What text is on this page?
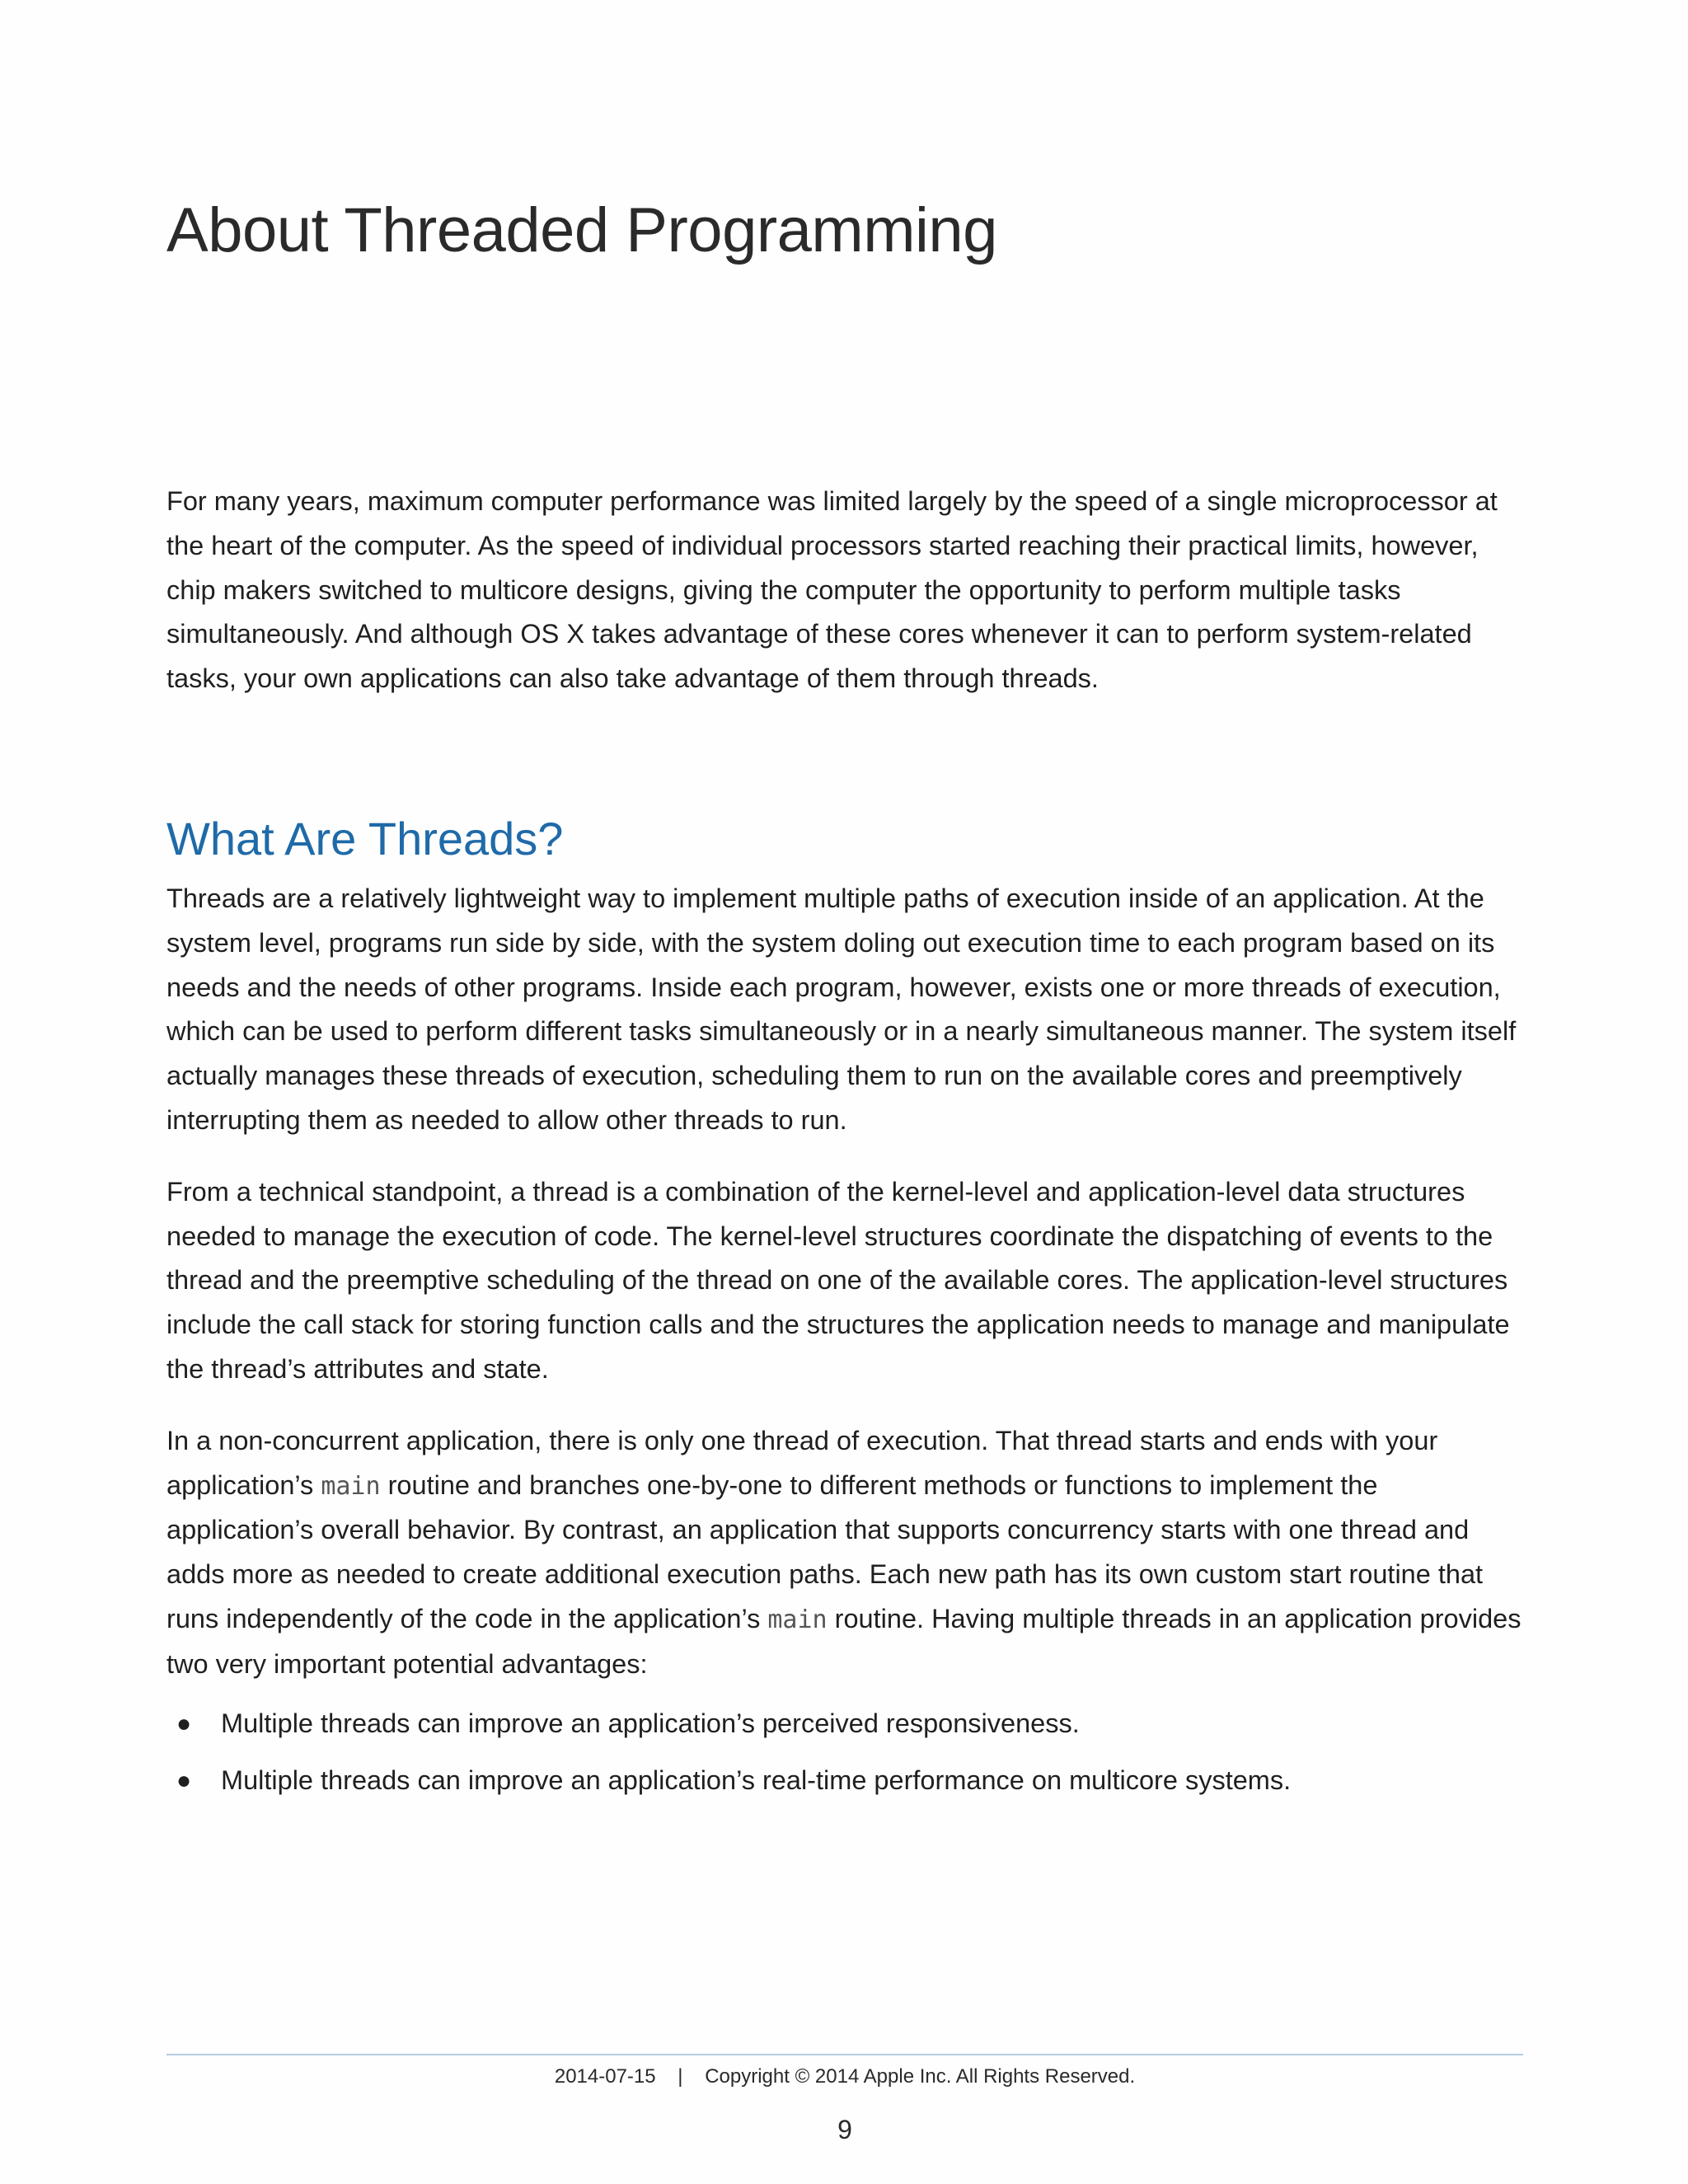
About Threaded Programming

For many years, maximum computer performance was limited largely by the speed of a single microprocessor at the heart of the computer. As the speed of individual processors started reaching their practical limits, however, chip makers switched to multicore designs, giving the computer the opportunity to perform multiple tasks simultaneously. And although OS X takes advantage of these cores whenever it can to perform system-related tasks, your own applications can also take advantage of them through threads.

What Are Threads?

Threads are a relatively lightweight way to implement multiple paths of execution inside of an application. At the system level, programs run side by side, with the system doling out execution time to each program based on its needs and the needs of other programs. Inside each program, however, exists one or more threads of execution, which can be used to perform different tasks simultaneously or in a nearly simultaneous manner. The system itself actually manages these threads of execution, scheduling them to run on the available cores and preemptively interrupting them as needed to allow other threads to run.

From a technical standpoint, a thread is a combination of the kernel-level and application-level data structures needed to manage the execution of code. The kernel-level structures coordinate the dispatching of events to the thread and the preemptive scheduling of the thread on one of the available cores. The application-level structures include the call stack for storing function calls and the structures the application needs to manage and manipulate the thread’s attributes and state.

In a non-concurrent application, there is only one thread of execution. That thread starts and ends with your application’s main routine and branches one-by-one to different methods or functions to implement the application’s overall behavior. By contrast, an application that supports concurrency starts with one thread and adds more as needed to create additional execution paths. Each new path has its own custom start routine that runs independently of the code in the application’s main routine. Having multiple threads in an application provides two very important potential advantages:

● Multiple threads can improve an application’s perceived responsiveness.
● Multiple threads can improve an application’s real-time performance on multicore systems.
2014-07-15 | Copyright © 2014 Apple Inc. All Rights Reserved.
9
